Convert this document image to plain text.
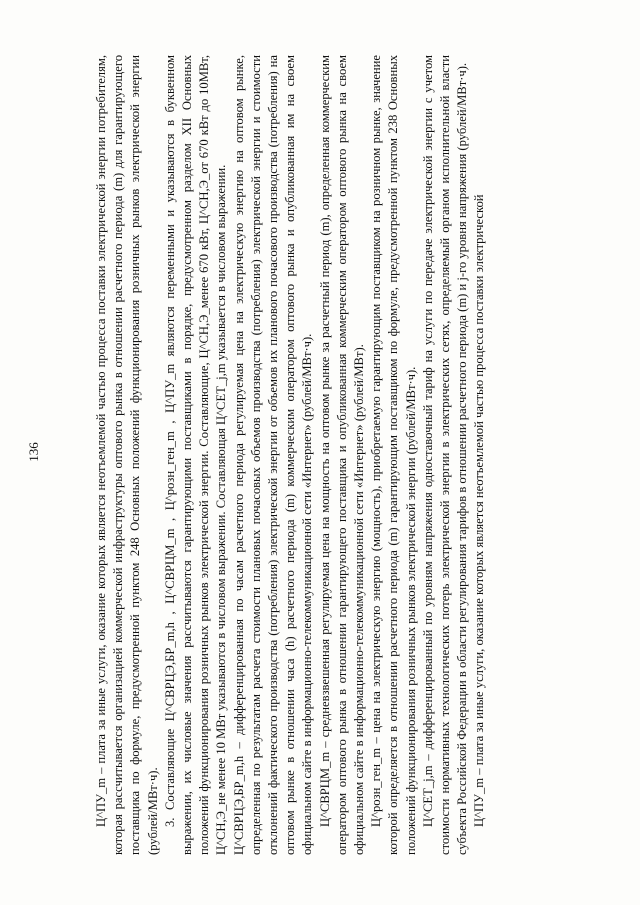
136	Ц^ПУ_m – плата за иные услуги, оказание которых является неотъемлемой частью процесса поставки электрической энергии потребителям, которая рассчитывается организацией коммерческой инфраструктуры оптового рынка в отношении расчетного периода (m) для гарантирующего поставщика по формуле, предусмотренной пунктом 248 Основных положений функционирования розничных рынков электрической энергии (рублей/МВт·ч). 3. Составляющие Ц^СВРЦЭ,БР_m,h , Ц^СВРЦМ_m , Ц^розн_ген_m , Ц^ПУ_m являются переменными и указываются в буквенном выражении, их числовые значения рассчитываются гарантирующими поставщиками в порядке, предусмотренном разделом XII Основных положений функционирования розничных рынков электрической энергии. Составляющие, Ц^СН,Э_менее 670 кВт, Ц^СН,Э_от 670 кВт до 10МВт, Ц^СН,Э_не менее 10 МВт указываются в числовом выражении. Составляющая Ц^СЕТ_j,m указывается в числовом выражении. Ц^СВРЦЭ,БР_m,h – дифференцированная по часам расчетного периода регулируемая цена на электрическую энергию на оптовом рынке, определенная по результатам расчета стоимости плановых почасовых объемов производства (потребления) электрической энергии и стоимости отклонений фактического производства (потребления) электрической энергии от объемов их планового почасового производства (потребления) на оптовом рынке в отношении часа (h) расчетного периода (m) коммерческим оператором оптового рынка и опубликованная им на своем официальном сайте в информационно-телекоммуникационной сети «Интернет» (рублей/МВт·ч). Ц^СВРЦМ_m – средневзвешенная регулируемая цена на мощность на оптовом рынке за расчетный период (m), определенная коммерческим оператором оптового рынка в отношении гарантирующего поставщика и опубликованная коммерческим оператором оптового рынка на своем официальном сайте в информационно-телекоммуникационной сети «Интернет» (рублей/МВт). Ц^розн_ген_m – цена на электрическую энергию (мощность), приобретаемую гарантирующим поставщиком на розничном рынке, значение которой определяется в отношении расчетного периода (m) гарантирующим поставщиком по формуле, предусмотренной пунктом 238 Основных положений функционирования розничных рынков электрической энергии (рублей/МВт·ч). Ц^СЕТ_j,m – дифференцированный по уровням напряжения одноставочный тариф на услуги по передаче электрической энергии с учетом стоимости нормативных технологических потерь электрической энергии в электрических сетях, определяемый органом исполнительной власти субъекта Российской Федерации в области регулирования тарифов в отношении расчетного периода (m) и j-го уровня напряжения (рублей/МВт·ч). Ц^ПУ_m – плата за иные услуги, оказание которых является неотъемлемой частью процесса поставки электрической
